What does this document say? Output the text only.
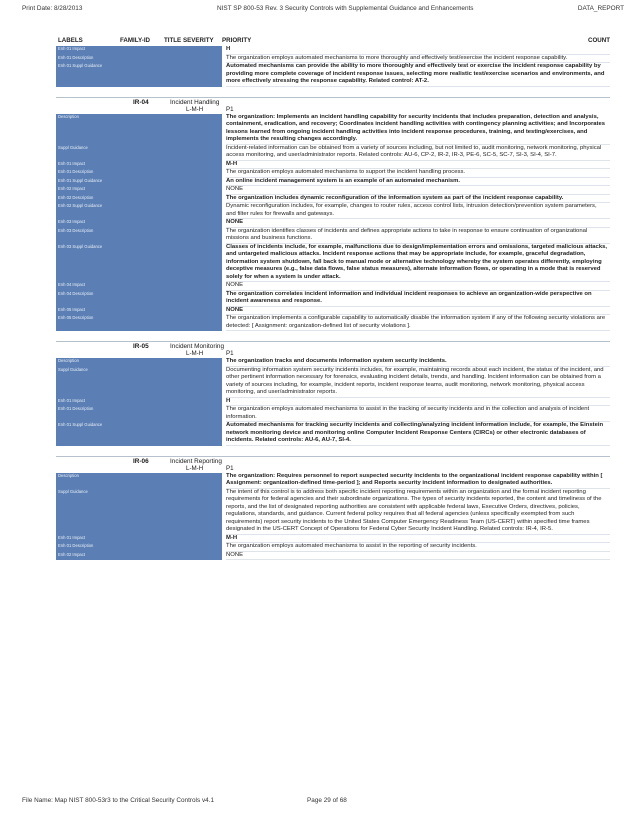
Print Date: 8/28/2013	NIST SP 800-53 Rev. 3 Security Controls with Supplemental Guidance and Enhancements	DATA_REPORT
LABELS	FAMILY-ID TITLE SEVERITY PRIORITY	COUNT
Enh 01 Impact	H
Enh 01 Description	The organization employs automated mechanisms to more thoroughly and effectively test/exercise the incident response capability.
Enh 01 Suppl Guidance	Automated mechanisms can provide the ability to more thoroughly and effectively test or exercise the incident response capability by providing more complete coverage of incident response issues, selecting more realistic test/exercise scenarios and environments, and more effectively stressing the response capability. Related control: AT-2.
IR-04	Incident Handling
L-M-H	P1
Description	The organization: Implements an incident handling capability for security incidents that includes preparation, detection and analysis, containment, eradication, and recovery; Coordinates incident handling activities with contingency planning activities; and Incorporates lessons learned from ongoing incident handling activities into incident response procedures, training, and testing/exercises, and implements the resulting changes accordingly.
Suppl Guidance	Incident-related information can be obtained from a variety of sources including, but not limited to, audit monitoring, network monitoring, physical access monitoring, and user/administrator reports. Related controls: AU-6, CP-2, IR-2, IR-3, PE-6, SC-5, SC-7, SI-3, SI-4, SI-7.
Enh 01 Impact	M-H
Enh 01 Description	The organization employs automated mechanisms to support the incident handling process.
Enh 01 Suppl Guidance	An online incident management system is an example of an automated mechanism.
Enh 02 Impact	NONE
Enh 02 Description	The organization includes dynamic reconfiguration of the information system as part of the incident response capability.
Enh 02 Suppl Guidance	Dynamic reconfiguration includes, for example, changes to router rules, access control lists, intrusion detection/prevention system parameters, and filter rules for firewalls and gateways.
Enh 03 Impact	NONE
Enh 03 Description	The organization identifies classes of incidents and defines appropriate actions to take in response to ensure continuation of organizational missions and business functions.
Enh 03 Suppl Guidance	Classes of incidents include, for example, malfunctions due to design/implementation errors and omissions, targeted malicious attacks, and untargeted malicious attacks. Incident response actions that may be appropriate include, for example, graceful degradation, information system shutdown, fall back to manual mode or alternative technology whereby the system operates differently, employing deceptive measures (e.g., false data flows, false status measures), alternate information flows, or operating in a mode that is reserved solely for when a system is under attack.
Enh 04 Impact	NONE
Enh 04 Description	The organization correlates incident information and individual incident responses to achieve an organization-wide perspective on incident awareness and response.
Enh 05 Impact	NONE
Enh 05 Description	The organization implements a configurable capability to automatically disable the information system if any of the following security violations are detected: [ Assignment: organization-defined list of security violations ].
IR-05	Incident Monitoring
L-M-H	P1
Description	The organization tracks and documents information system security incidents.
Suppl Guidance	Documenting information system security incidents includes, for example, maintaining records about each incident, the status of the incident, and other pertinent information necessary for forensics, evaluating incident details, trends, and handling. Incident information can be obtained from a variety of sources including, for example, incident reports, incident response teams, audit monitoring, network monitoring, physical access monitoring, and user/administrator reports.
Enh 01 Impact	H
Enh 01 Description	The organization employs automated mechanisms to assist in the tracking of security incidents and in the collection and analysis of incident information.
Enh 01 Suppl Guidance	Automated mechanisms for tracking security incidents and collecting/analyzing incident information include, for example, the Einstein network monitoring device and monitoring online Computer Incident Response Centers (CIRCs) or other electronic databases of incidents. Related controls: AU-6, AU-7, SI-4.
IR-06	Incident Reporting
L-M-H	P1
Description	The organization: Requires personnel to report suspected security incidents to the organizational incident response capability within [ Assignment: organization-defined time-period ]; and Reports security incident information to designated authorities.
Suppl Guidance	The intent of this control is to address both specific incident reporting requirements within an organization and the formal incident reporting requirements for federal agencies and their subordinate organizations. The types of security incidents reported, the content and timeliness of the reports, and the list of designated reporting authorities are consistent with applicable federal laws, Executive Orders, directives, policies, regulations, standards, and guidance. Current federal policy requires that all federal agencies (unless specifically exempted from such requirements) report security incidents to the United States Computer Emergency Readiness Team (US-CERT) within specified time frames designated in the US-CERT Concept of Operations for Federal Cyber Security Incident Handling. Related controls: IR-4, IR-5.
Enh 01 Impact	M-H
Enh 01 Description	The organization employs automated mechanisms to assist in the reporting of security incidents.
Enh 02 Impact	NONE
File Name: Map NIST 800-53r3 to the Critical Security Controls v4.1	Page 29 of 68
